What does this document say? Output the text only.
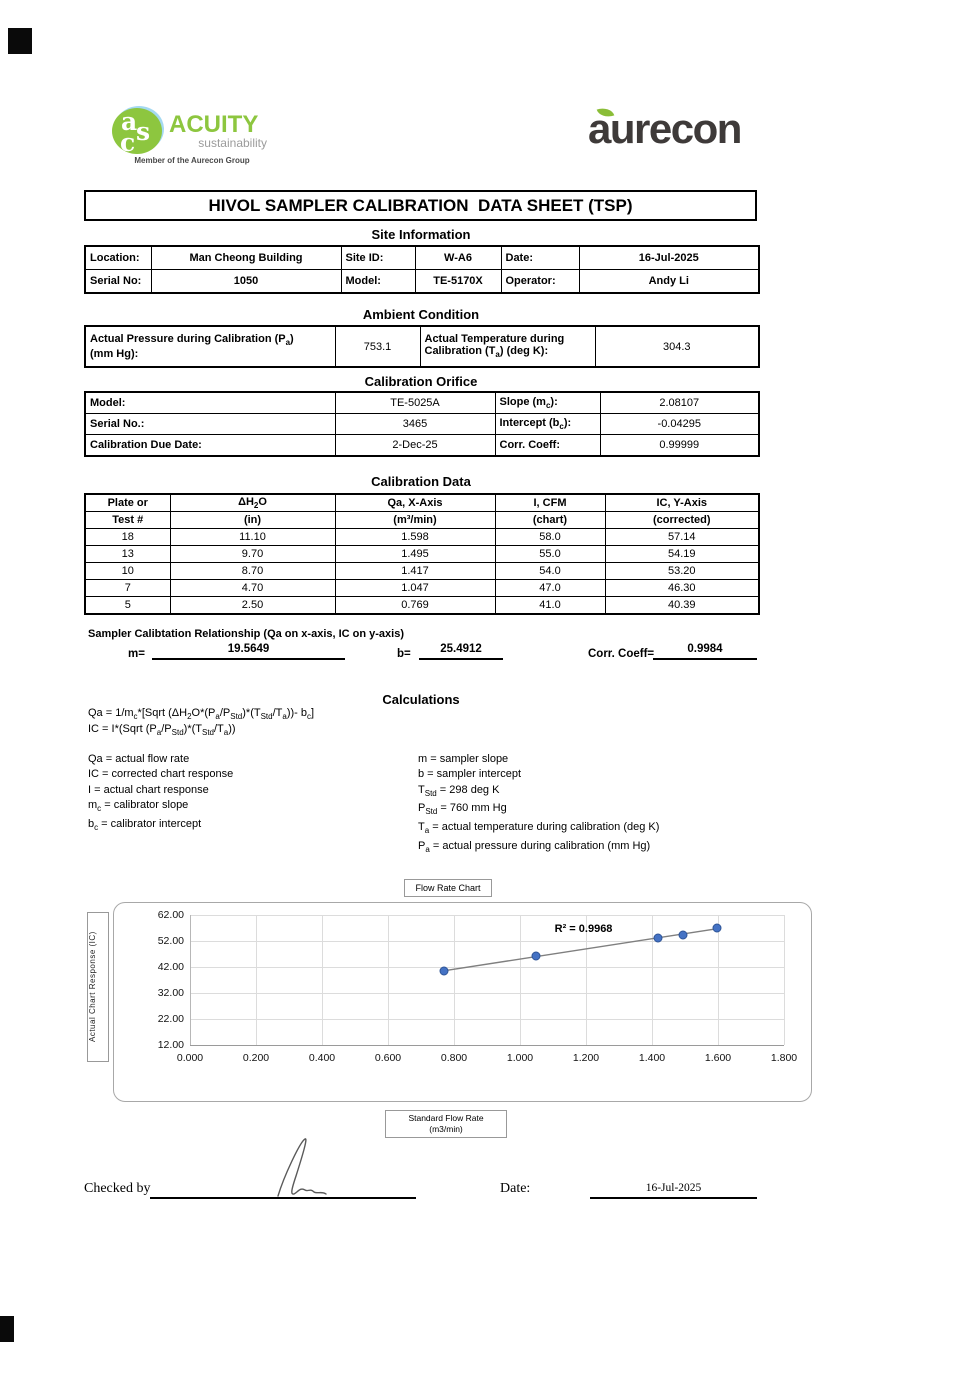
a
s
c
ACUITY
sustainability
Member of the Aurecon Group
aurecon
HIVOL SAMPLER CALIBRATION  DATA SHEET (TSP)
Site Information
Location:	Man Cheong Building	Site ID:	W-A6	Date:	16-Jul-2025
Serial No:	1050	Model:	TE-5170X	Operator:	Andy Li
Ambient Condition
Actual Pressure during Calibration $(P_a)$
(mm Hg):	753.1	Actual Temperature during
Calibration $(T_a)$ (deg K):	304.3
Calibration Orifice
Model:	TE-5025A	Slope $(m_c)$:	2.08107
Serial No.:	3465	Intercept $(b_c)$:	-0.04295
Calibration Due Date:	2-Dec-25	Corr. Coeff:	0.99999
Calibration Data
Plate or	$\Delta H_2O$	Qa, X-Axis	I, CFM	IC, Y-Axis
Test #	(in)	(m³/min)	(chart)	(corrected)
18	11.10	1.598	58.0	57.14
13	9.70	1.495	55.0	54.19
10	8.70	1.417	54.0	53.20
7	4.70	1.047	47.0	46.30
5	2.50	0.769	41.0	40.39
Sampler Calibtation Relationship (Qa on x-axis, IC on y-axis)
m=	19.5649	b=	25.4912	Corr. Coeff=	0.9984
Calculations
$Qa = 1/m_c*[Sqrt$ $(\Delta H_2O*(P_a/P_{Std})*(T_{Std}/T_a))-$ $b_c$]
IC = I*(Sqrt $(P_a/P_{Std})*(T_{Std}/T_a)$)
Qa = actual flow rate
IC = corrected chart response
I = actual chart response
$m_c$ = calibrator slope
$b_c$ = calibrator intercept
m = sampler slope
b = sampler intercept
$T_{Std} = 298$ deg K
$P_{Std} = 760$ mm Hg
$T_a$ = actual temperature during calibration (deg K)
$P_a$ = actual pressure during calibration (mm Hg)
Flow Rate Chart
Actual Chart Response (IC)
62.00
52.00
42.00
32.00
22.00
12.00
0.000	0.200	0.400	0.600	0.800	1.000	1.200	1.400	1.600	1.800
R² = 0.9968
Standard Flow Rate
(m3/min)
Checked by	Date:	16-Jul-2025
